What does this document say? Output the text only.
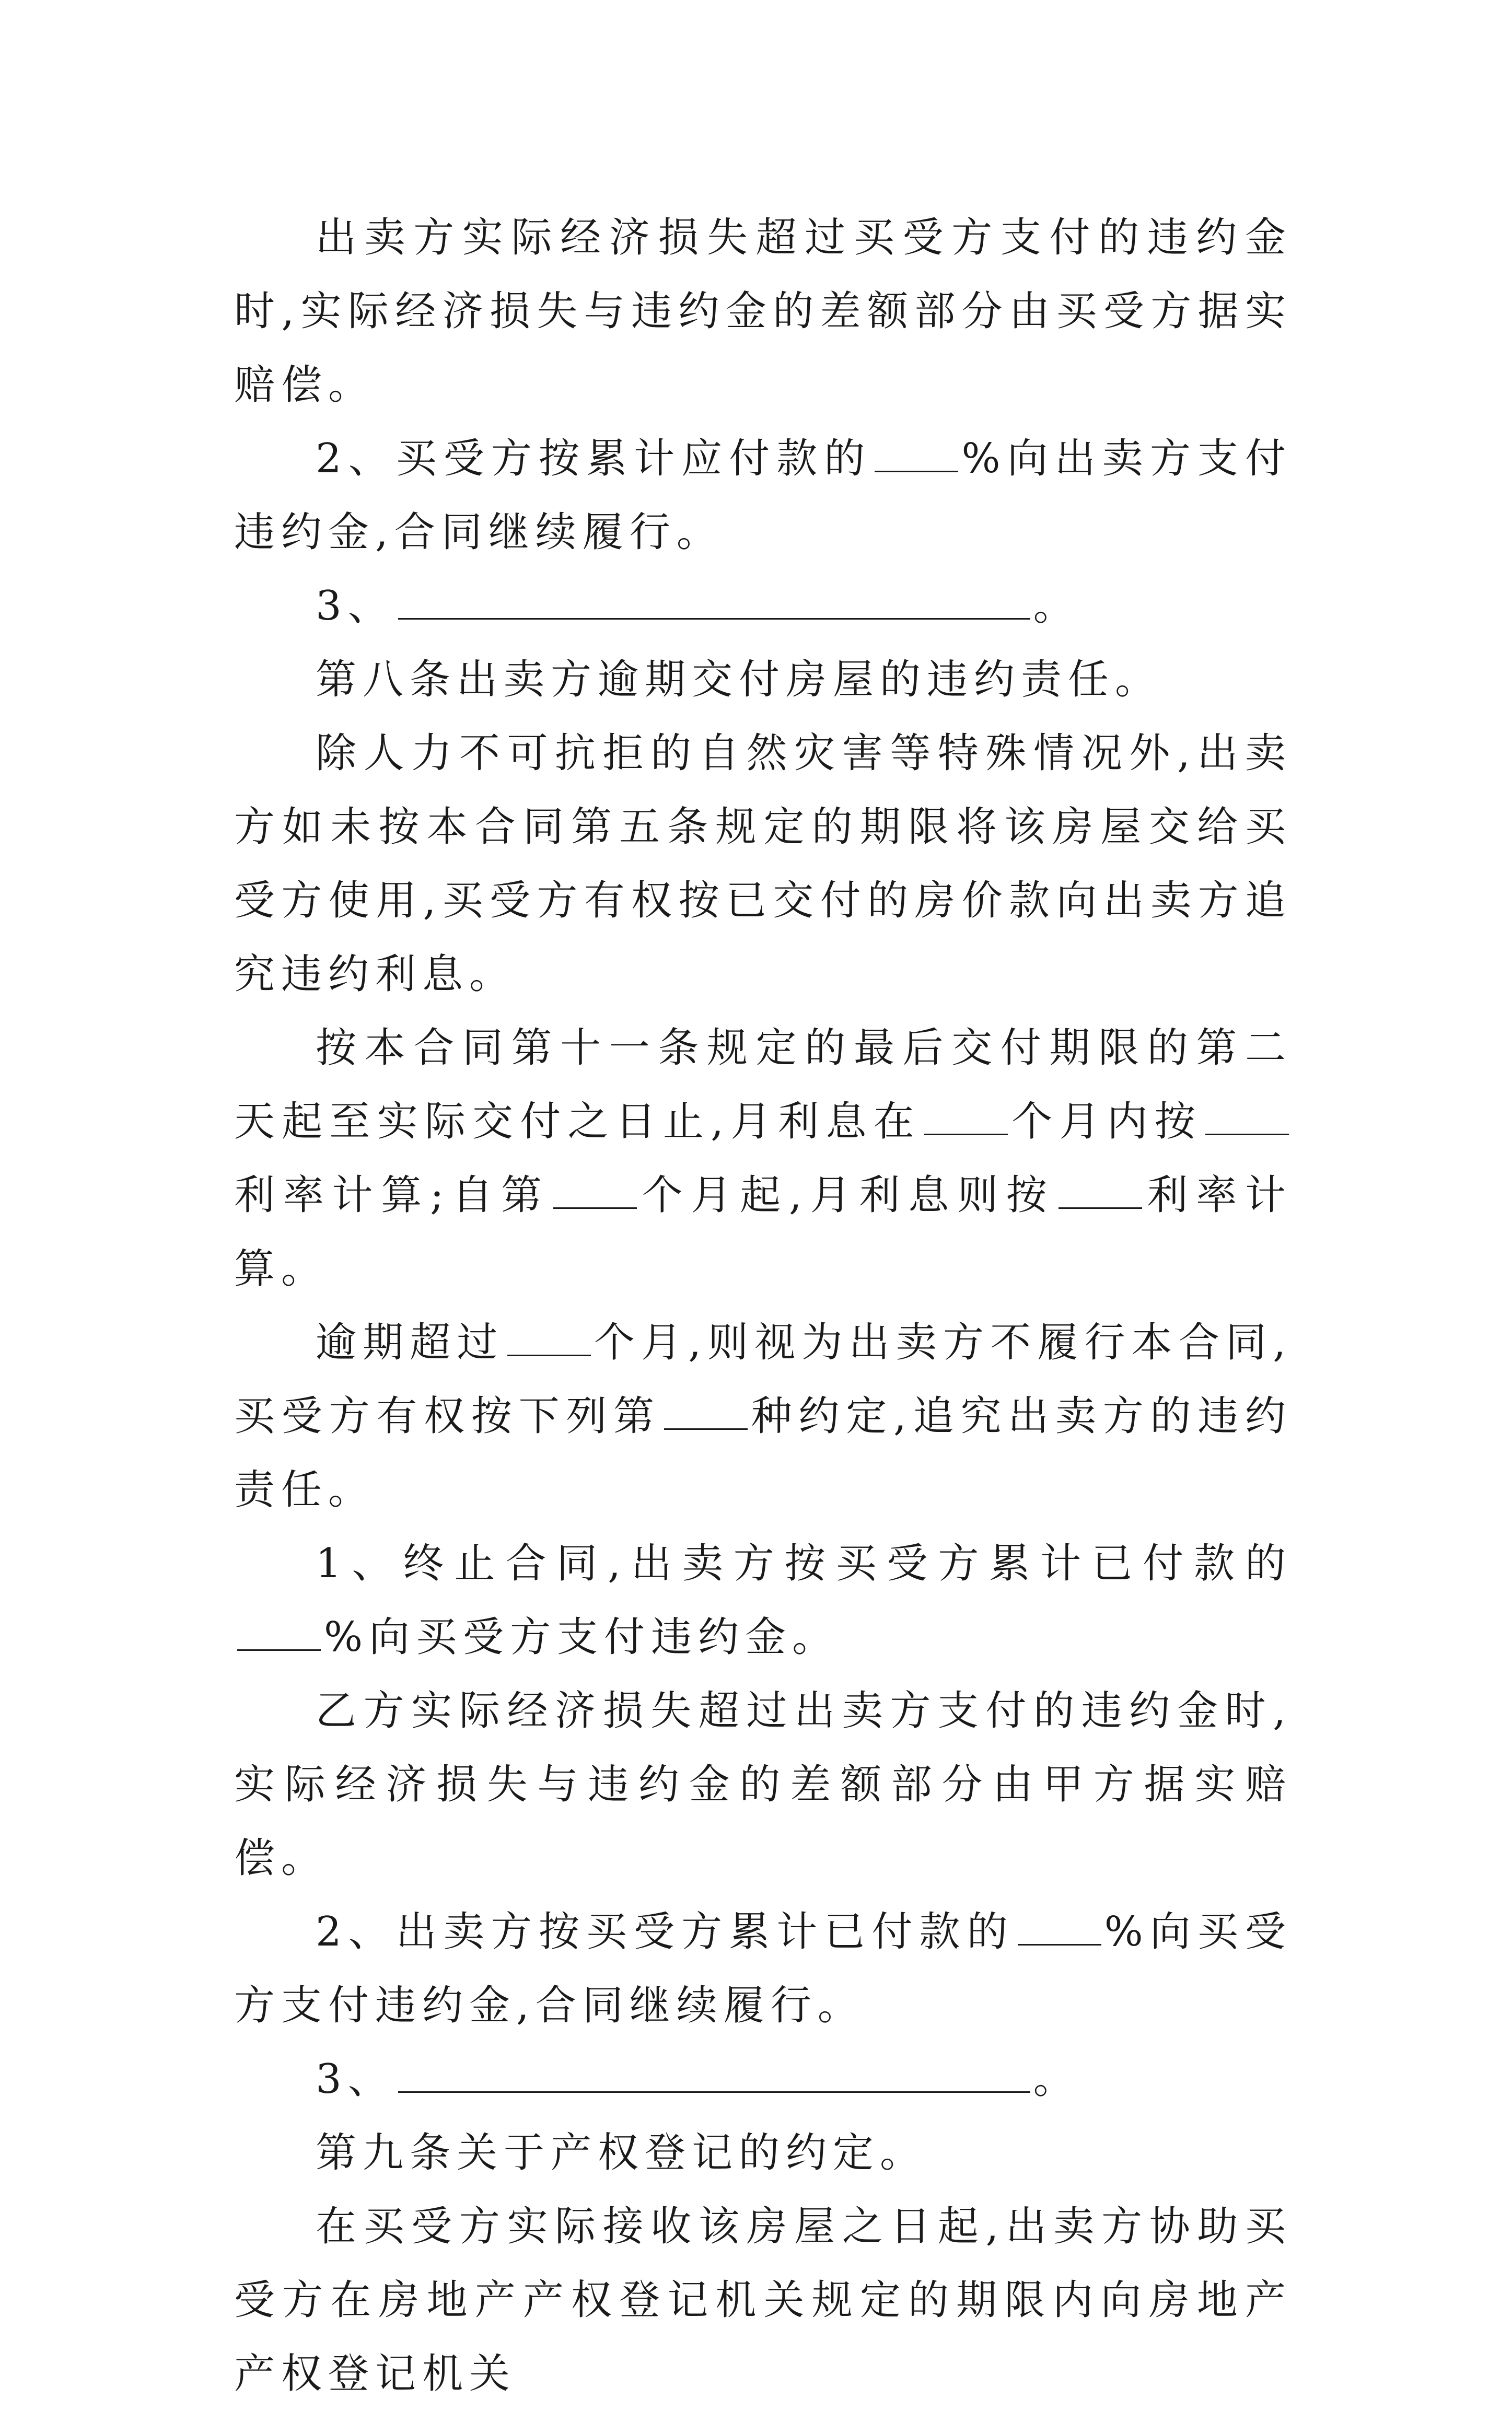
出卖方实际经济损失超过买受方支付的违约金时,实际经济损失与违约金的差额部分由买受方据实赔偿。

2、买受方按累计应付款的 %向出卖方支付违约金,合同继续履行。

3、	。

第八条出卖方逾期交付房屋的违约责任。

除人力不可抗拒的自然灾害等特殊情况外,出卖方如未按本合同第五条规定的期限将该房屋交给买受方使用,买受方有权按已交付的房价款向出卖方追究违约利息。

按本合同第十一条规定的最后交付期限的第二天起至实际交付之日止,月利息在 个月内按利率计算;自第 个月起,月利息则按 利率计算。

逾期超过 个月,则视为出卖方不履行本合同,买受方有权按下列第 种约定,追究出卖方的违约责任。

1、终止合同,出卖方按买受方累计已付款的%向买受方支付违约金。

乙方实际经济损失超过出卖方支付的违约金时,实际经济损失与违约金的差额部分由甲方据实赔偿。

2、出卖方按买受方累计已付款的 %向买受方支付违约金,合同继续履行。

3、	。

第九条关于产权登记的约定。

在买受方实际接收该房屋之日起,出卖方协助买受方在房地产产权登记机关规定的期限内向房地产产权登记机关
